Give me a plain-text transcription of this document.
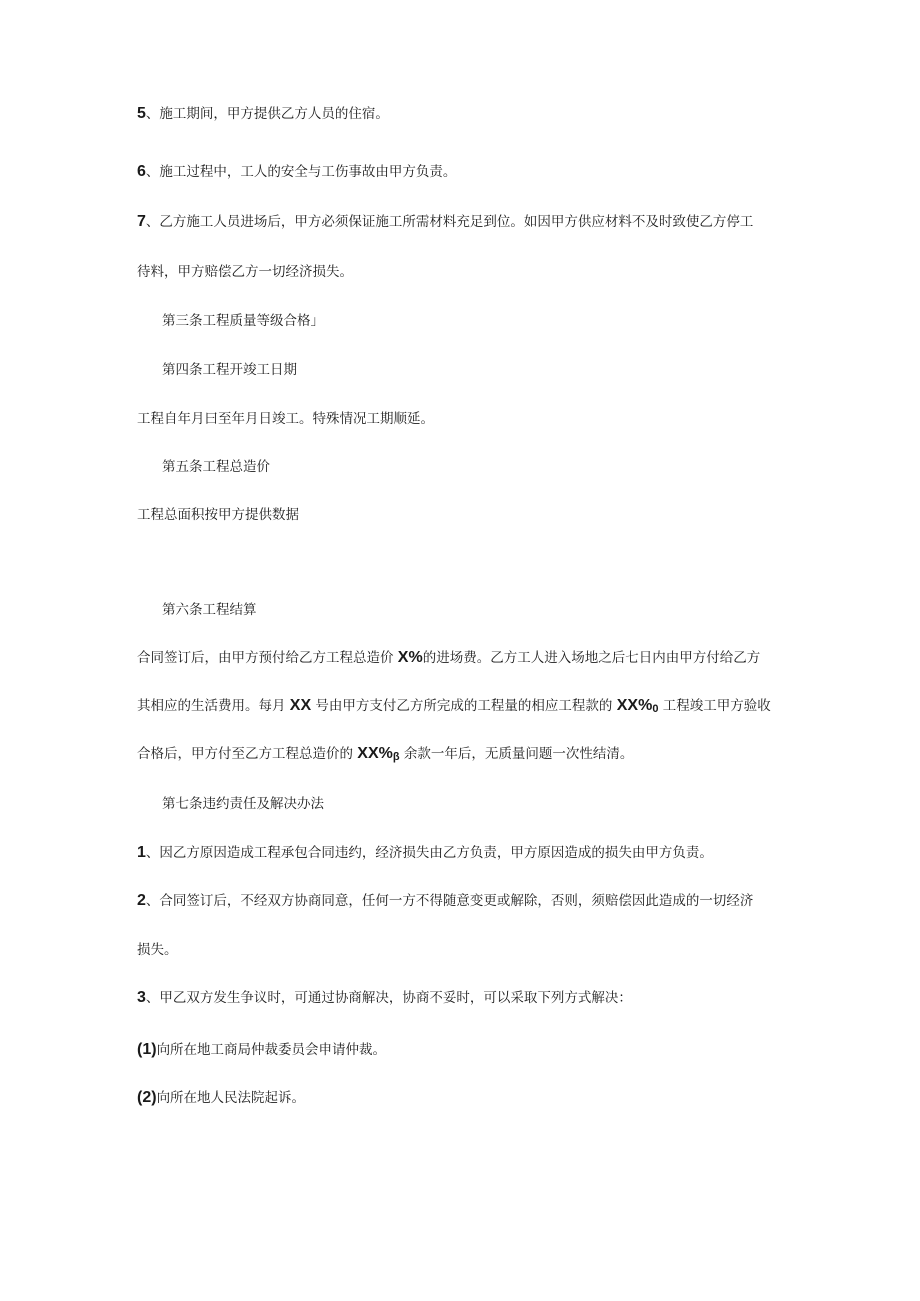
5、施工期间，甲方提供乙方人员的住宿。
6、施工过程中，工人的安全与工伤事故由甲方负责。
7、乙方施工人员进场后，甲方必须保证施工所需材料充足到位。如因甲方供应材料不及时致使乙方停工
待料，甲方赔偿乙方一切经济损失。
第三条工程质量等级合格」
第四条工程开竣工日期
工程自年月曰至年月日竣工。特殊情况工期顺延。
第五条工程总造价
工程总面积按甲方提供数据
第六条工程结算
合同签订后，由甲方预付给乙方工程总造价 X%的进场费。乙方工人进入场地之后七日内由甲方付给乙方
其相应的生活费用。每月 XX 号由甲方支付乙方所完成的工程量的相应工程款的 XX%0 工程竣工甲方验收
合格后，甲方付至乙方工程总造价的 XX%β 余款一年后，无质量问题一次性结清。
第七条违约责任及解决办法
1、因乙方原因造成工程承包合同违约，经济损失由乙方负责，甲方原因造成的损失由甲方负责。
2、合同签订后，不经双方协商同意，任何一方不得随意变更或解除，否则，须赔偿因此造成的一切经济
损失。
3、甲乙双方发生争议时，可通过协商解决，协商不妥时，可以采取下列方式解决：
(1)向所在地工商局仲裁委员会申请仲裁。
(2)向所在地人民法院起诉。
